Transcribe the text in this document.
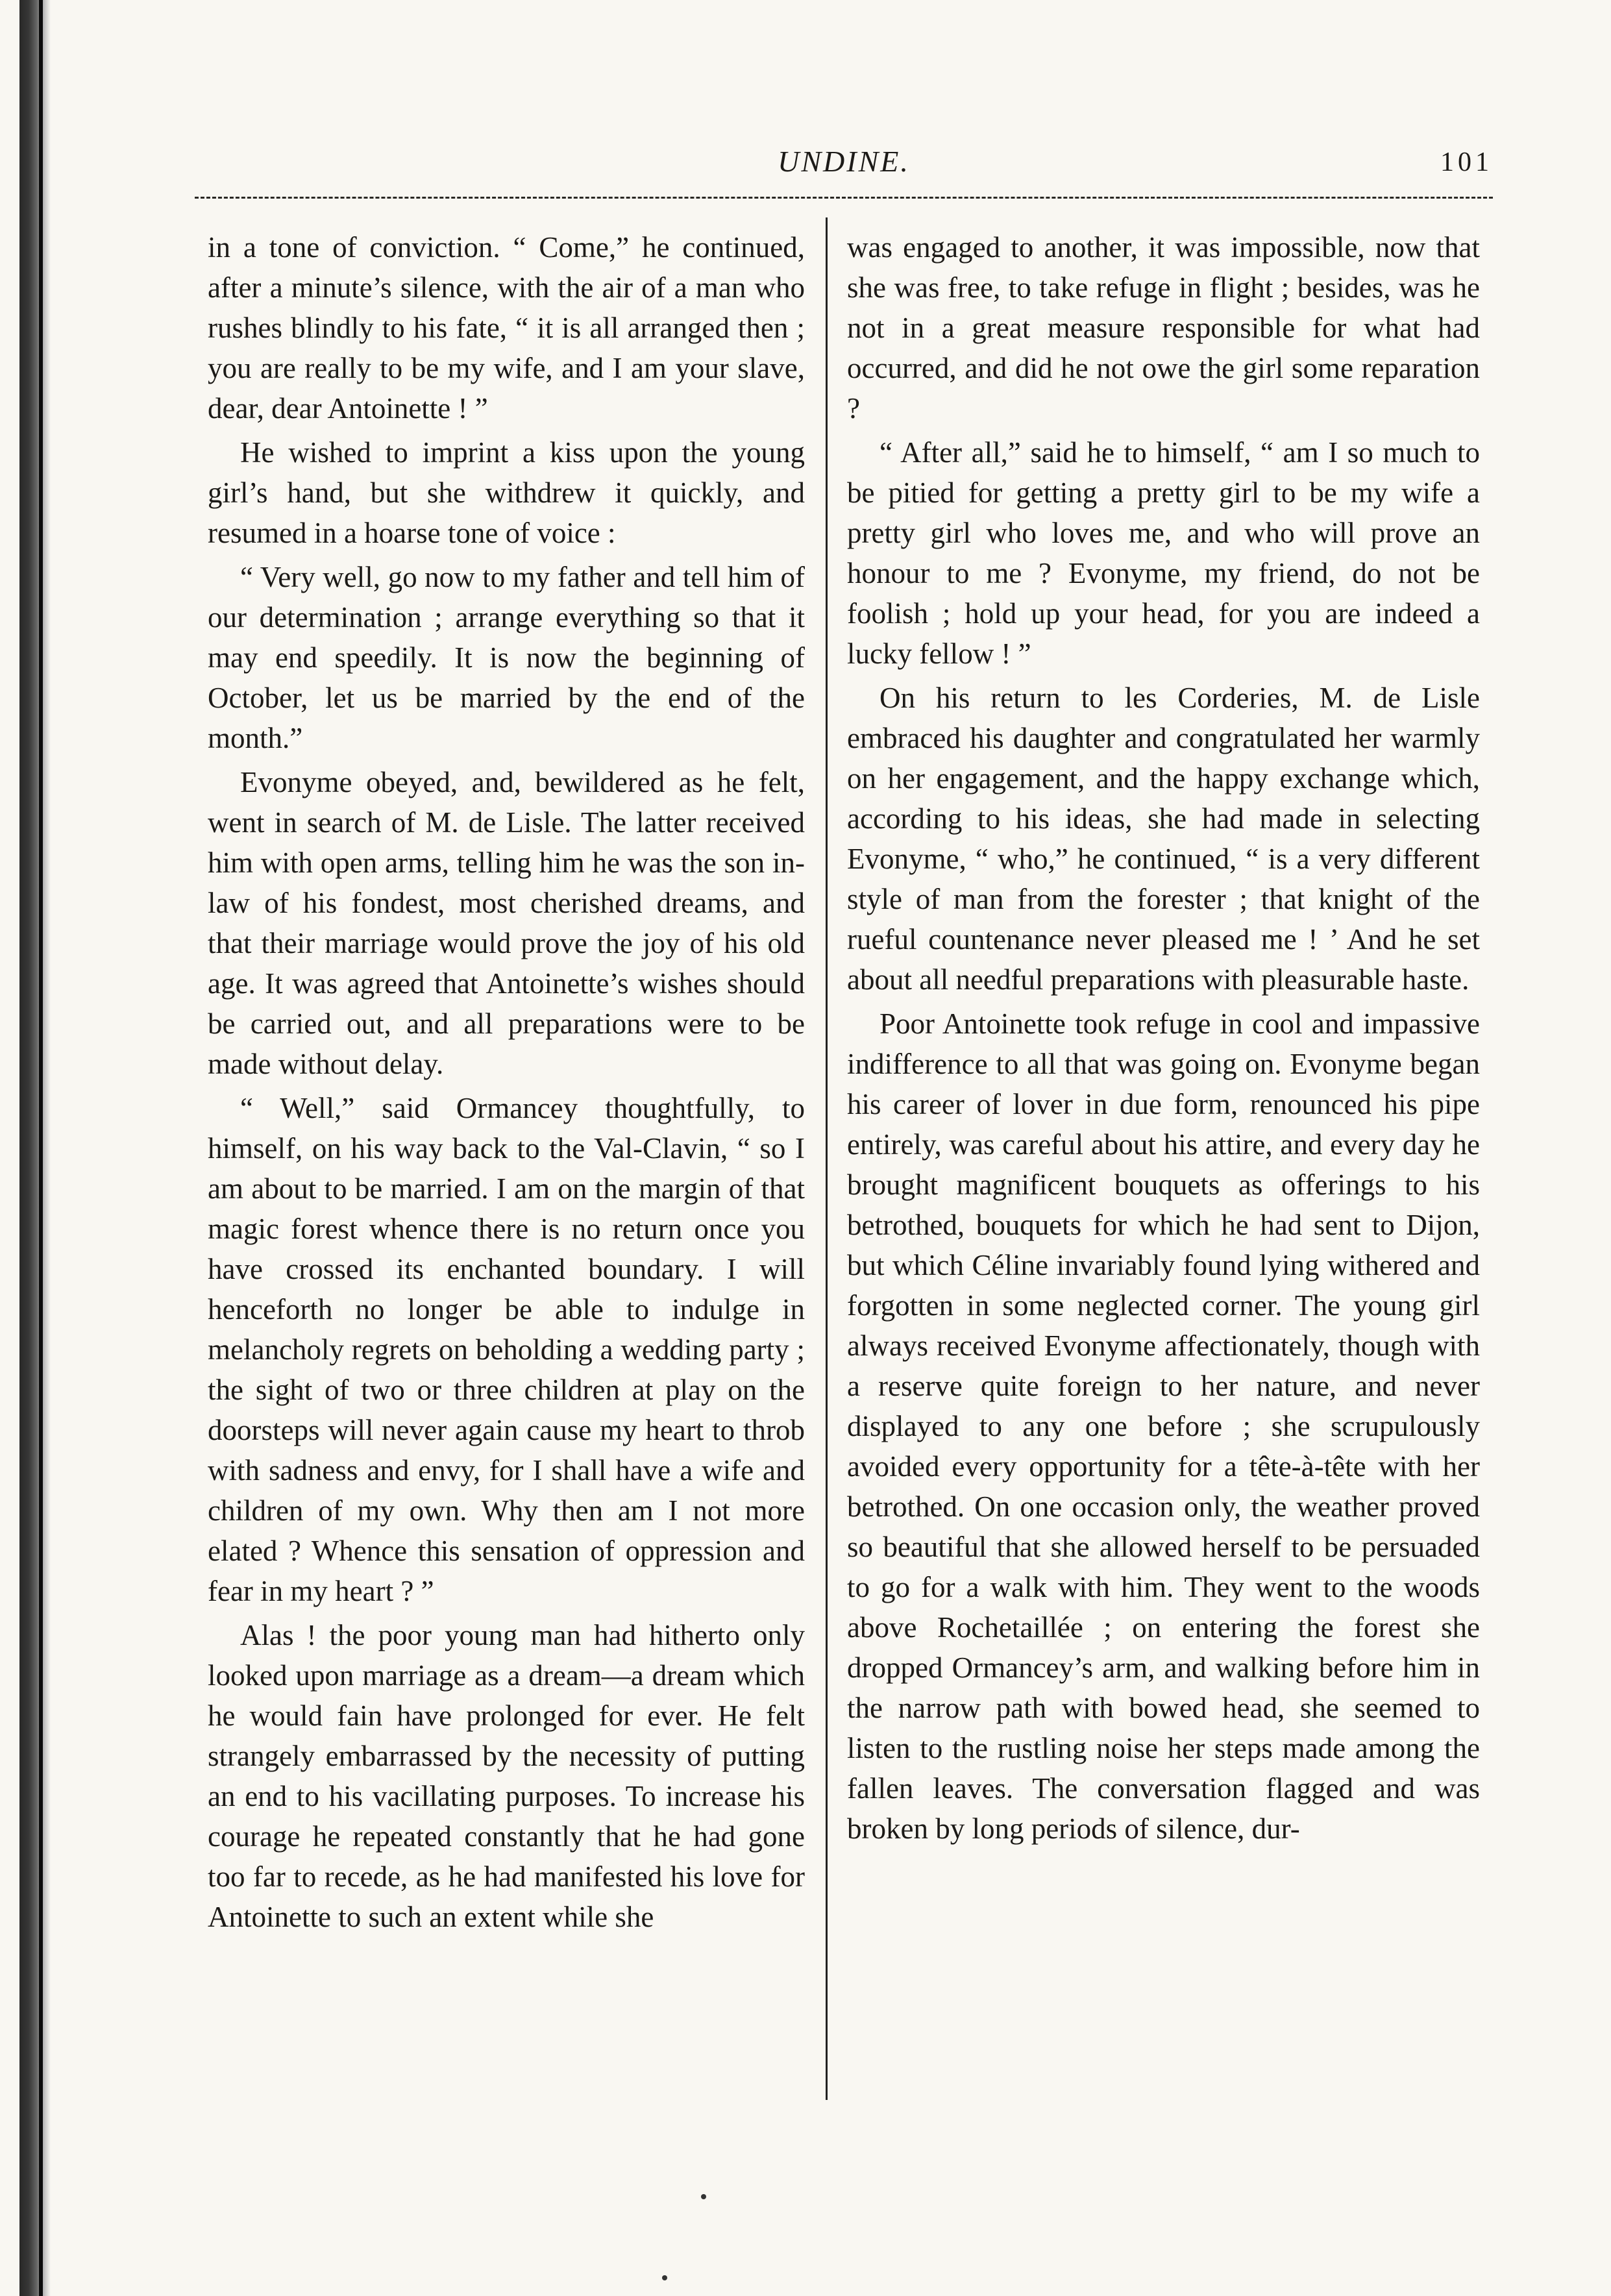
UNDINE.	101

in a tone of conviction. “ Come,” he continued, after a minute’s silence, with the air of a man who rushes blindly to his fate, “ it is all arranged then ; you are really to be my wife, and I am your slave, dear, dear Antoinette ! ”

He wished to imprint a kiss upon the young girl’s hand, but she withdrew it quickly, and resumed in a hoarse tone of voice :

“ Very well, go now to my father and tell him of our determination ; arrange everything so that it may end speedily. It is now the beginning of October, let us be married by the end of the month.”

Evonyme obeyed, and, bewildered as he felt, went in search of M. de Lisle. The latter received him with open arms, telling him he was the son in-law of his fondest, most cherished dreams, and that their marriage would prove the joy of his old age. It was agreed that Antoinette’s wishes should be carried out, and all preparations were to be made without delay.

“ Well,” said Ormancey thoughtfully, to himself, on his way back to the Val-Clavin, “ so I am about to be married. I am on the margin of that magic forest whence there is no return once you have crossed its enchanted boundary. I will henceforth no longer be able to indulge in melancholy regrets on beholding a wedding party ; the sight of two or three children at play on the doorsteps will never again cause my heart to throb with sadness and envy, for I shall have a wife and children of my own. Why then am I not more elated ? Whence this sensation of oppression and fear in my heart ? ”

Alas ! the poor young man had hitherto only looked upon marriage as a dream—a dream which he would fain have prolonged for ever. He felt strangely embarrassed by the necessity of putting an end to his vacillating purposes. To increase his courage he repeated constantly that he had gone too far to recede, as he had manifested his love for Antoinette to such an extent while she

was engaged to another, it was impossible, now that she was free, to take refuge in flight ; besides, was he not in a great measure responsible for what had occurred, and did he not owe the girl some reparation ?

“ After all,” said he to himself, “ am I so much to be pitied for getting a pretty girl to be my wife a pretty girl who loves me, and who will prove an honour to me ? Evonyme, my friend, do not be foolish ; hold up your head, for you are indeed a lucky fellow ! ”

On his return to les Corderies, M. de Lisle embraced his daughter and congratulated her warmly on her engagement, and the happy exchange which, according to his ideas, she had made in selecting Evonyme, “ who,” he continued, “ is a very different style of man from the forester ; that knight of the rueful countenance never pleased me ! ’ And he set about all needful preparations with pleasurable haste.

Poor Antoinette took refuge in cool and impassive indifference to all that was going on. Evonyme began his career of lover in due form, renounced his pipe entirely, was careful about his attire, and every day he brought magnificent bouquets as offerings to his betrothed, bouquets for which he had sent to Dijon, but which Céline invariably found lying withered and forgotten in some neglected corner. The young girl always received Evonyme affectionately, though with a reserve quite foreign to her nature, and never displayed to any one before ; she scrupulously avoided every opportunity for a tête-à-tête with her betrothed. On one occasion only, the weather proved so beautiful that she allowed herself to be persuaded to go for a walk with him. They went to the woods above Rochetaillée ; on entering the forest she dropped Ormancey’s arm, and walking before him in the narrow path with bowed head, she seemed to listen to the rustling noise her steps made among the fallen leaves. The conversation flagged and was broken by long periods of silence, dur-
